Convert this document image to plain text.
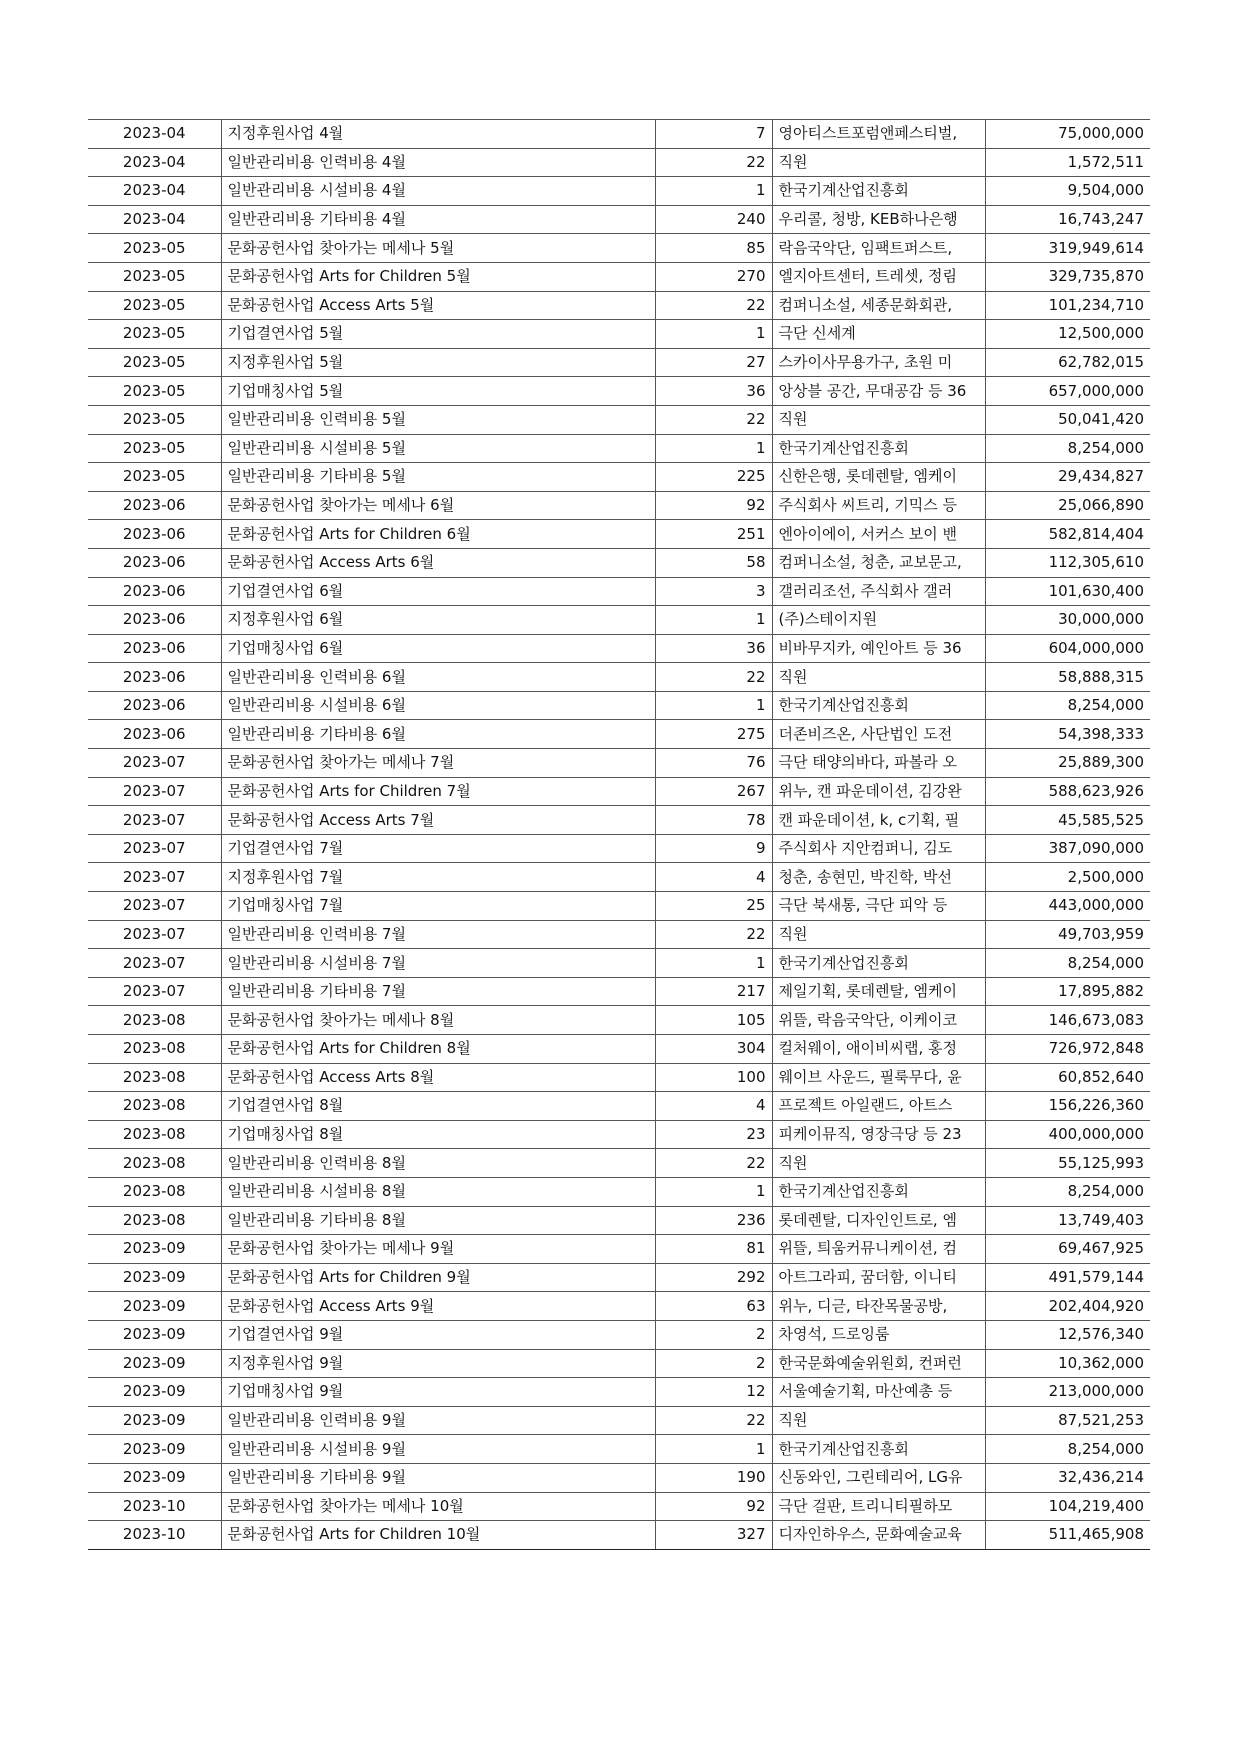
2023-04	지정후원사업 4월	7	영아티스트포럼앤페스티벌,	75,000,000
2023-04	일반관리비용 인력비용 4월	22	직원	1,572,511
2023-04	일반관리비용 시설비용 4월	1	한국기계산업진흥회	9,504,000
2023-04	일반관리비용 기타비용 4월	240	우리콜, 청방, KEB하나은행	16,743,247
2023-05	문화공헌사업 찾아가는 메세나 5월	85	락음국악단, 임팩트퍼스트,	319,949,614
2023-05	문화공헌사업 Arts for Children 5월	270	엘지아트센터, 트레셋, 정림	329,735,870
2023-05	문화공헌사업 Access Arts 5월	22	컴퍼니소설, 세종문화회관,	101,234,710
2023-05	기업결연사업 5월	1	극단 신세계	12,500,000
2023-05	지정후원사업 5월	27	스카이사무용가구, 초원 미	62,782,015
2023-05	기업매칭사업 5월	36	앙상블 공간, 무대공감 등 36	657,000,000
2023-05	일반관리비용 인력비용 5월	22	직원	50,041,420
2023-05	일반관리비용 시설비용 5월	1	한국기계산업진흥회	8,254,000
2023-05	일반관리비용 기타비용 5월	225	신한은행, 롯데렌탈, 엠케이	29,434,827
2023-06	문화공헌사업 찾아가는 메세나 6월	92	주식회사 씨트리, 기믹스 등	25,066,890
2023-06	문화공헌사업 Arts for Children 6월	251	엔아이에이, 서커스 보이 밴	582,814,404
2023-06	문화공헌사업 Access Arts 6월	58	컴퍼니소설, 청춘, 교보문고,	112,305,610
2023-06	기업결연사업 6월	3	갤러리조선, 주식회사 갤러	101,630,400
2023-06	지정후원사업 6월	1	(주)스테이지원	30,000,000
2023-06	기업매칭사업 6월	36	비바무지카, 예인아트 등 36	604,000,000
2023-06	일반관리비용 인력비용 6월	22	직원	58,888,315
2023-06	일반관리비용 시설비용 6월	1	한국기계산업진흥회	8,254,000
2023-06	일반관리비용 기타비용 6월	275	더존비즈온, 사단법인 도전	54,398,333
2023-07	문화공헌사업 찾아가는 메세나 7월	76	극단 태양의바다, 파볼라 오	25,889,300
2023-07	문화공헌사업 Arts for Children 7월	267	위누, 캔 파운데이션, 김강완	588,623,926
2023-07	문화공헌사업 Access Arts 7월	78	캔 파운데이션, k, c기획, 필	45,585,525
2023-07	기업결연사업 7월	9	주식회사 지안컴퍼니, 김도	387,090,000
2023-07	지정후원사업 7월	4	청춘, 송현민, 박진학, 박선	2,500,000
2023-07	기업매칭사업 7월	25	극단 북새통, 극단 피악 등	443,000,000
2023-07	일반관리비용 인력비용 7월	22	직원	49,703,959
2023-07	일반관리비용 시설비용 7월	1	한국기계산업진흥회	8,254,000
2023-07	일반관리비용 기타비용 7월	217	제일기획, 롯데렌탈, 엠케이	17,895,882
2023-08	문화공헌사업 찾아가는 메세나 8월	105	위뜰, 락음국악단, 이케이코	146,673,083
2023-08	문화공헌사업 Arts for Children 8월	304	컬처웨이, 애이비씨랩, 홍정	726,972,848
2023-08	문화공헌사업 Access Arts 8월	100	웨이브 사운드, 필룩무다, 윤	60,852,640
2023-08	기업결연사업 8월	4	프로젝트 아일랜드, 아트스	156,226,360
2023-08	기업매칭사업 8월	23	피케이뮤직, 영장극당 등 23	400,000,000
2023-08	일반관리비용 인력비용 8월	22	직원	55,125,993
2023-08	일반관리비용 시설비용 8월	1	한국기계산업진흥회	8,254,000
2023-08	일반관리비용 기타비용 8월	236	롯데렌탈, 디자인인트로, 엠	13,749,403
2023-09	문화공헌사업 찾아가는 메세나 9월	81	위뜰, 틔움커뮤니케이션, 컴	69,467,925
2023-09	문화공헌사업 Arts for Children 9월	292	아트그라피, 꿈더함, 이니티	491,579,144
2023-09	문화공헌사업 Access Arts 9월	63	위누, 디귿, 타잔목물공방,	202,404,920
2023-09	기업결연사업 9월	2	차영석, 드로잉룸	12,576,340
2023-09	지정후원사업 9월	2	한국문화예술위원회, 컨퍼런	10,362,000
2023-09	기업매칭사업 9월	12	서울예술기획, 마산예총 등	213,000,000
2023-09	일반관리비용 인력비용 9월	22	직원	87,521,253
2023-09	일반관리비용 시설비용 9월	1	한국기계산업진흥회	8,254,000
2023-09	일반관리비용 기타비용 9월	190	신동와인, 그린테리어, LG유	32,436,214
2023-10	문화공헌사업 찾아가는 메세나 10월	92	극단 걸판, 트리니티필하모	104,219,400
2023-10	문화공헌사업 Arts for Children 10월	327	디자인하우스, 문화예술교육	511,465,908
